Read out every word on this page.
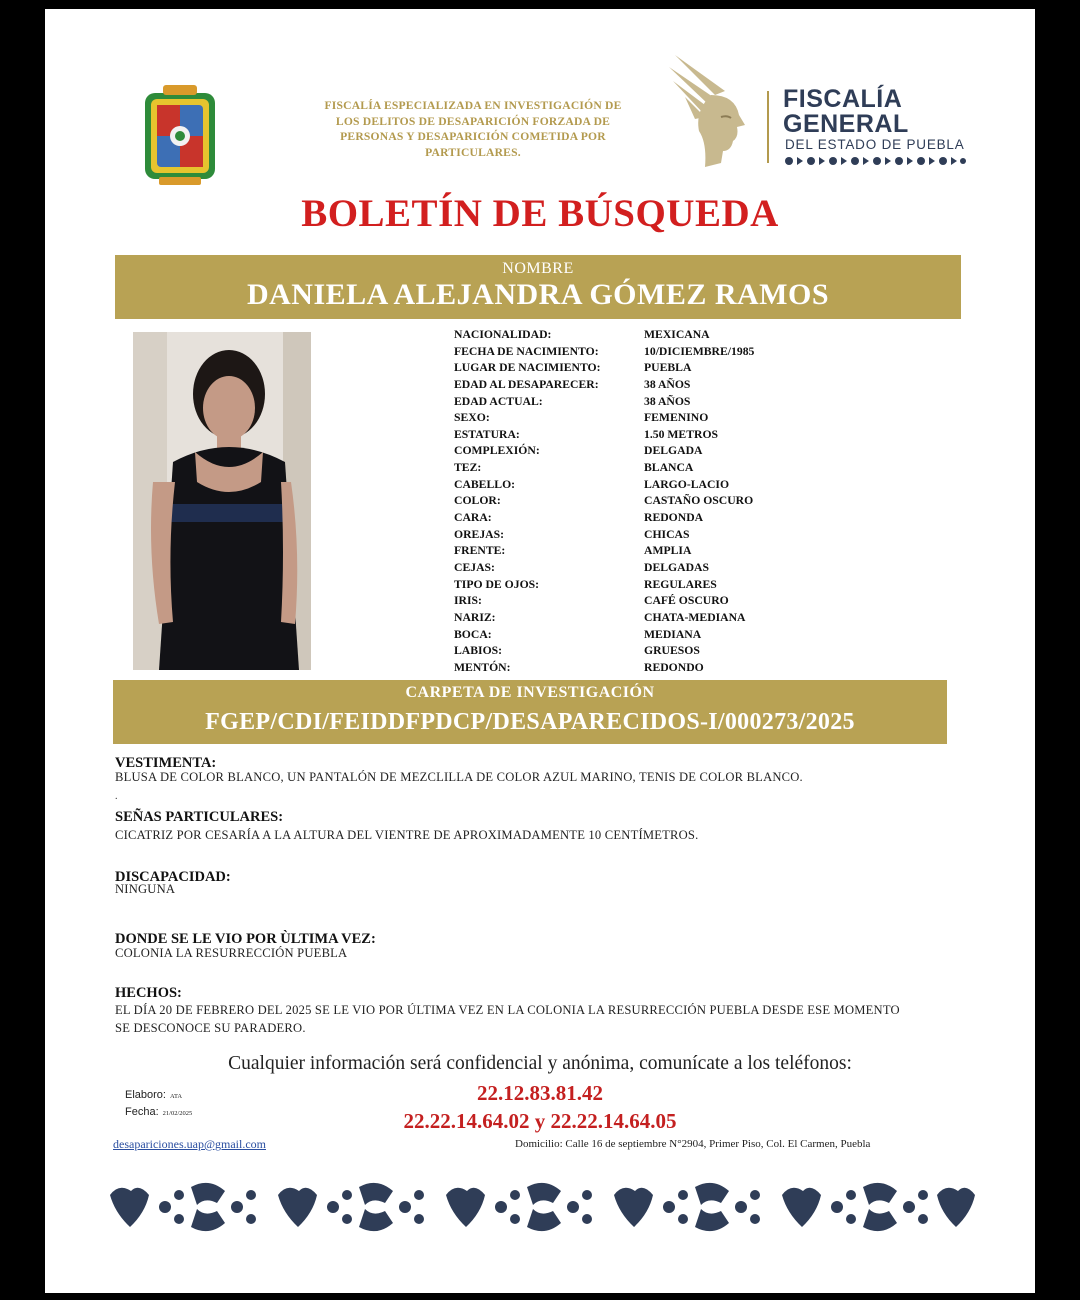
FISCALÍA ESPECIALIZADA EN INVESTIGACIÓN DE
LOS DELITOS DE DESAPARICIÓN FORZADA DE
PERSONAS Y DESAPARICIÓN COMETIDA POR
PARTICULARES.
FISCALÍA
GENERAL
DEL ESTADO DE PUEBLA
BOLETÍN DE BÚSQUEDA
NOMBRE
DANIELA ALEJANDRA GÓMEZ RAMOS
NACIONALIDAD:	MEXICANA
FECHA DE NACIMIENTO:	10/DICIEMBRE/1985
LUGAR DE NACIMIENTO:	PUEBLA
EDAD AL DESAPARECER:	38 AÑOS
EDAD ACTUAL:	38 AÑOS
SEXO:	FEMENINO
ESTATURA:	1.50 METROS
COMPLEXIÓN:	DELGADA
TEZ:	BLANCA
CABELLO:	LARGO-LACIO
COLOR:	CASTAÑO OSCURO
CARA:	REDONDA
OREJAS:	CHICAS
FRENTE:	AMPLIA
CEJAS:	DELGADAS
TIPO DE OJOS:	REGULARES
IRIS:	CAFÉ OSCURO
NARIZ:	CHATA-MEDIANA
BOCA:	MEDIANA
LABIOS:	GRUESOS
MENTÓN:	REDONDO
CARPETA DE INVESTIGACIÓN
FGEP/CDI/FEIDDFPDCP/DESAPARECIDOS-I/000273/2025
VESTIMENTA:
BLUSA DE COLOR BLANCO, UN PANTALÓN DE MEZCLILLA DE COLOR AZUL MARINO, TENIS DE COLOR BLANCO.
.
SEÑAS PARTICULARES:
CICATRIZ POR CESARÍA A LA ALTURA DEL VIENTRE DE APROXIMADAMENTE 10 CENTÍMETROS.
DISCAPACIDAD:
NINGUNA
DONDE SE LE VIO POR ÙLTIMA VEZ:
COLONIA LA RESURRECCIÓN PUEBLA
HECHOS:
EL DÍA 20 DE FEBRERO DEL 2025 SE LE VIO POR ÚLTIMA VEZ EN LA COLONIA LA RESURRECCIÓN PUEBLA DESDE ESE MOMENTO
SE DESCONOCE SU PARADERO.
Cualquier información será confidencial y anónima, comunícate a los teléfonos:
22.12.83.81.42
22.22.14.64.02 y 22.22.14.64.05
Elaboro: ATA
Fecha: 21/02/2025
desapariciones.uap@gmail.com	Domicilio: Calle 16 de septiembre N°2904, Primer Piso, Col. El Carmen, Puebla
